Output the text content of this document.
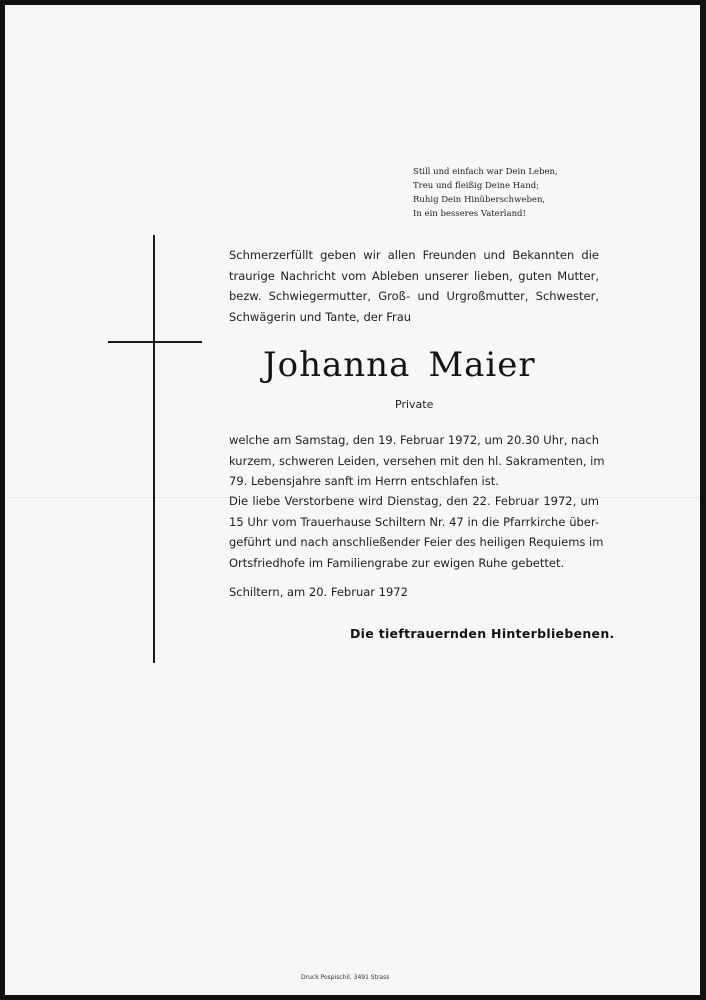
Still und einfach war Dein Leben,
Treu und fleißig Deine Hand;
Ruhig Dein Hinüberschweben,
In ein besseres Vaterland!
Schmerzerfüllt geben wir allen Freunden und Bekannten die
traurige Nachricht vom Ableben unserer lieben, guten Mutter,
bezw. Schwiegermutter, Groß- und Urgroßmutter, Schwester,
Schwägerin und Tante, der Frau
Johanna Maier
Private
welche am Samstag, den 19. Februar 1972, um 20.30 Uhr, nach
kurzem, schweren Leiden, versehen mit den hl. Sakramenten, im
79. Lebensjahre sanft im Herrn entschlafen ist.
Die liebe Verstorbene wird Dienstag, den 22. Februar 1972, um
15 Uhr vom Trauerhause Schiltern Nr. 47 in die Pfarrkirche über-
geführt und nach anschließender Feier des heiligen Requiems im
Ortsfriedhofe im Familiengrabe zur ewigen Ruhe gebettet.
Schiltern, am 20. Februar 1972
Die tieftrauernden Hinterbliebenen.
Druck Pospischil, 3491 Strass
